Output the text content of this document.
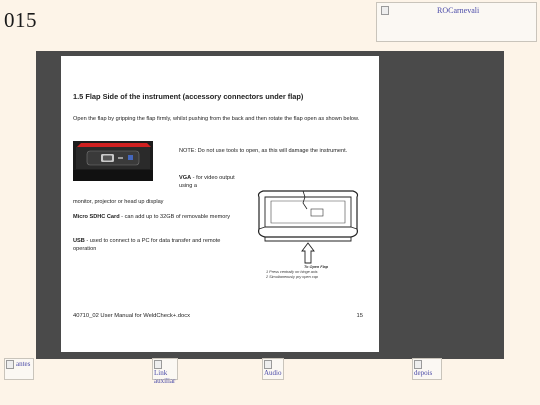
015	ROCarnevali
1.5 Flap Side of the instrument (accessory connectors under flap)
Open the flap by gripping the flap firmly, whilst pushing from the back and then rotate the flap open as shown below.
NOTE: Do not use tools to open, as this will damage the instrument.
VGA - for video output using a
monitor, projector or head up display
Micro SDHC Card - can add up to 32GB of removable memory
USB - used to connect to a PC for data transfer and remote operation
To Open Flap
1 Press centrally on hinge axis
2 Simultaneously pry open cap
40710_02 User Manual for WeldCheck+.docx	15
antes
Link auxiliar
Audio	depois
